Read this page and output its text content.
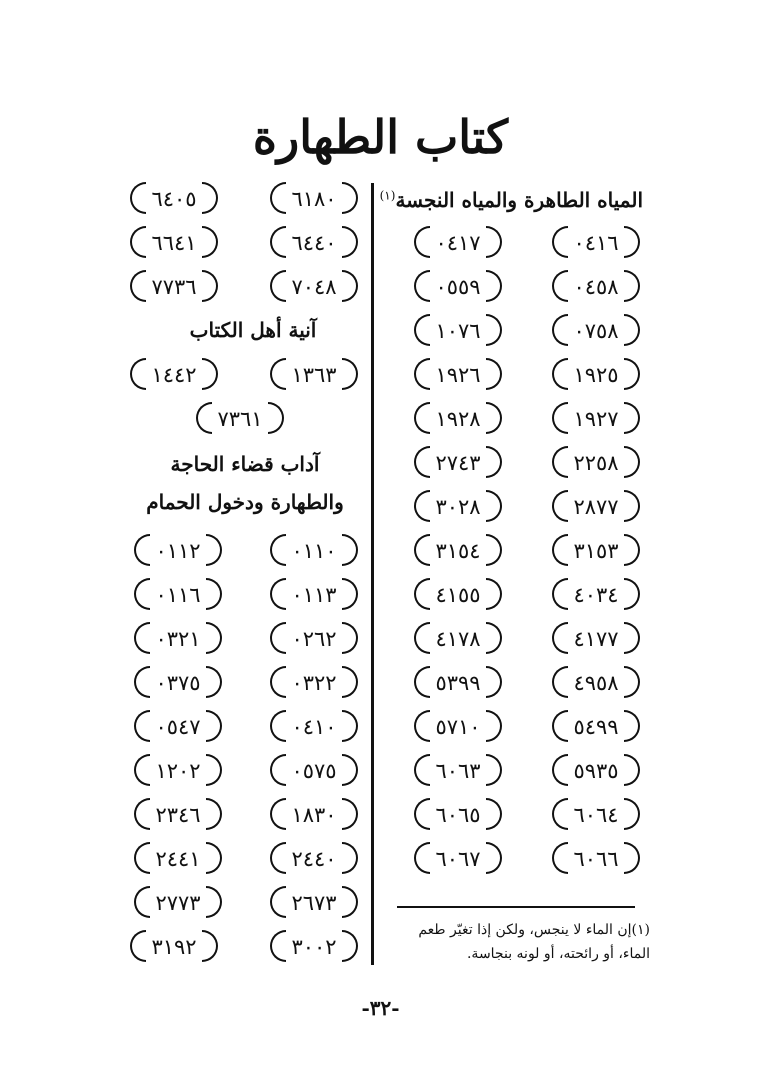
كتاب الطهارة
المياه الطاهرة والمياه النجسة$^{(١)}$
٠٤١٦
٠٤١٧
٠٤٥٨
٠٥٥٩
٠٧٥٨
١٠٧٦
١٩٢٥
١٩٢٦
١٩٢٧
١٩٢٨
٢٢٥٨
٢٧٤٣
٢٨٧٧
٣٠٢٨
٣١٥٣
٣١٥٤
٤٠٣٤
٤١٥٥
٤١٧٧
٤١٧٨
٤٩٥٨
٥٣٩٩
٥٤٩٩
٥٧١٠
٥٩٣٥
٦٠٦٣
٦٠٦٤
٦٠٦٥
٦٠٦٦
٦٠٦٧
٦١٨٠
٦٤٠٥
٦٤٤٠
٦٦٤١
٧٠٤٨
٧٧٣٦
آنية أهل الكتاب
١٣٦٣
١٤٤٢
٧٣٦١
آداب قضاء الحاجة
والطهارة ودخول الحمام
٠١١٠
٠١١٢
٠١١٣
٠١١٦
٠٢٦٢
٠٣٢١
٠٣٢٢
٠٣٧٥
٠٤١٠
٠٥٤٧
٠٥٧٥
١٢٠٢
١٨٣٠
٢٣٤٦
٢٤٤٠
٢٤٤١
٢٦٧٣
٢٧٧٣
٣٠٠٢
٣١٩٢
(١)إن الماء لا ينجس، ولكن إذا تغيّر طعم
الماء، أو رائحته، أو لونه بنجاسة.
-٣٢-
